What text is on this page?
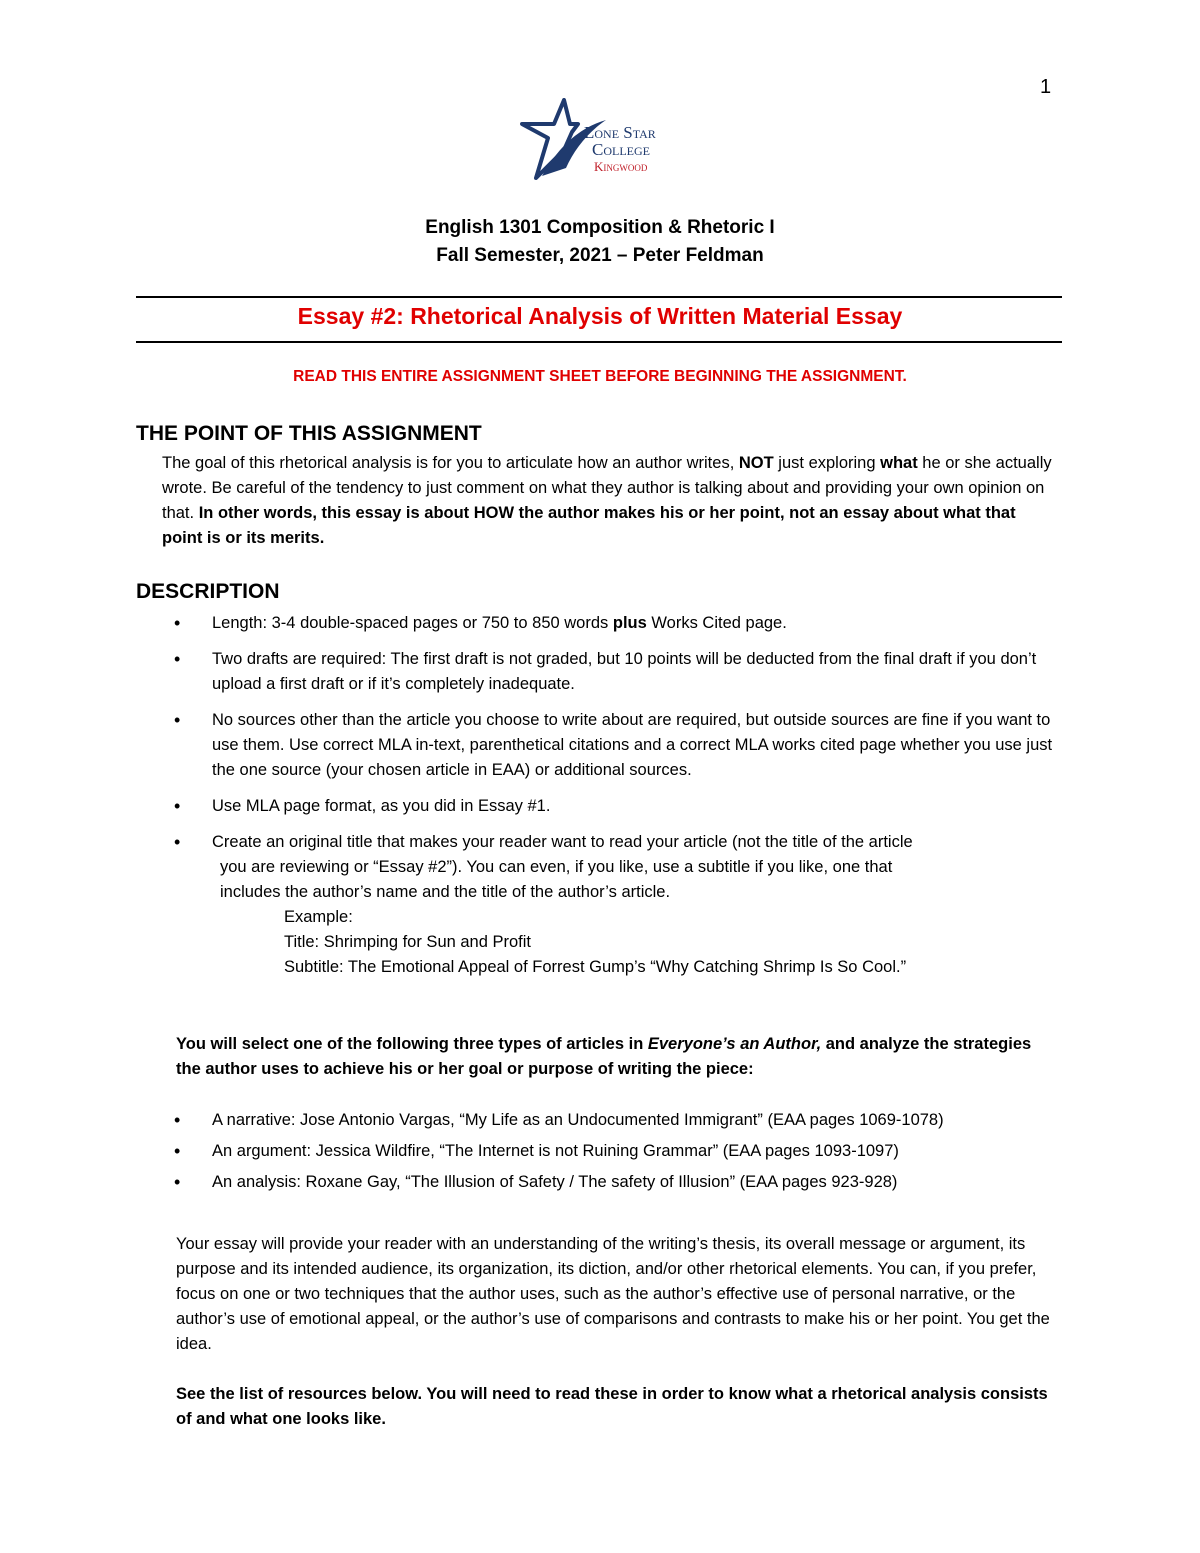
1
Lone Star
College
Kingwood
English 1301 Composition & Rhetoric I
Fall Semester, 2021 – Peter Feldman
Essay #2: Rhetorical Analysis of Written Material Essay
READ THIS ENTIRE ASSIGNMENT SHEET BEFORE BEGINNING THE ASSIGNMENT.
THE POINT OF THIS ASSIGNMENT
The goal of this rhetorical analysis is for you to articulate how an author writes, NOT just exploring what he or she actually wrote. Be careful of the tendency to just comment on what they author is talking about and providing your own opinion on that. In other words, this essay is about HOW the author makes his or her point, not an essay about what that point is or its merits.
DESCRIPTION
• Length: 3-4 double-spaced pages or 750 to 850 words plus Works Cited page.
• Two drafts are required: The first draft is not graded, but 10 points will be deducted from the final draft if you don’t upload a first draft or if it’s completely inadequate.
• No sources other than the article you choose to write about are required, but outside sources are fine if you want to use them. Use correct MLA in-text, parenthetical citations and a correct MLA works cited page whether you use just the one source (your chosen article in EAA) or additional sources.
• Use MLA page format, as you did in Essay #1.
• Create an original title that makes your reader want to read your article (not the title of the article
you are reviewing or “Essay #2”). You can even, if you like, use a subtitle if you like, one that
includes the author’s name and the title of the author’s article.
Example:
Title: Shrimping for Sun and Profit
Subtitle: The Emotional Appeal of Forrest Gump’s “Why Catching Shrimp Is So Cool.”
You will select one of the following three types of articles in Everyone’s an Author, and analyze the strategies the author uses to achieve his or her goal or purpose of writing the piece:
• A narrative: Jose Antonio Vargas, “My Life as an Undocumented Immigrant” (EAA pages 1069-1078)
• An argument: Jessica Wildfire, “The Internet is not Ruining Grammar” (EAA pages 1093-1097)
• An analysis: Roxane Gay, “The Illusion of Safety / The safety of Illusion” (EAA pages 923-928)
Your essay will provide your reader with an understanding of the writing’s thesis, its overall message or argument, its purpose and its intended audience, its organization, its diction, and/or other rhetorical elements. You can, if you prefer, focus on one or two techniques that the author uses, such as the author’s effective use of personal narrative, or the author’s use of emotional appeal, or the author’s use of comparisons and contrasts to make his or her point. You get the idea.
See the list of resources below. You will need to read these in order to know what a rhetorical analysis consists of and what one looks like.
